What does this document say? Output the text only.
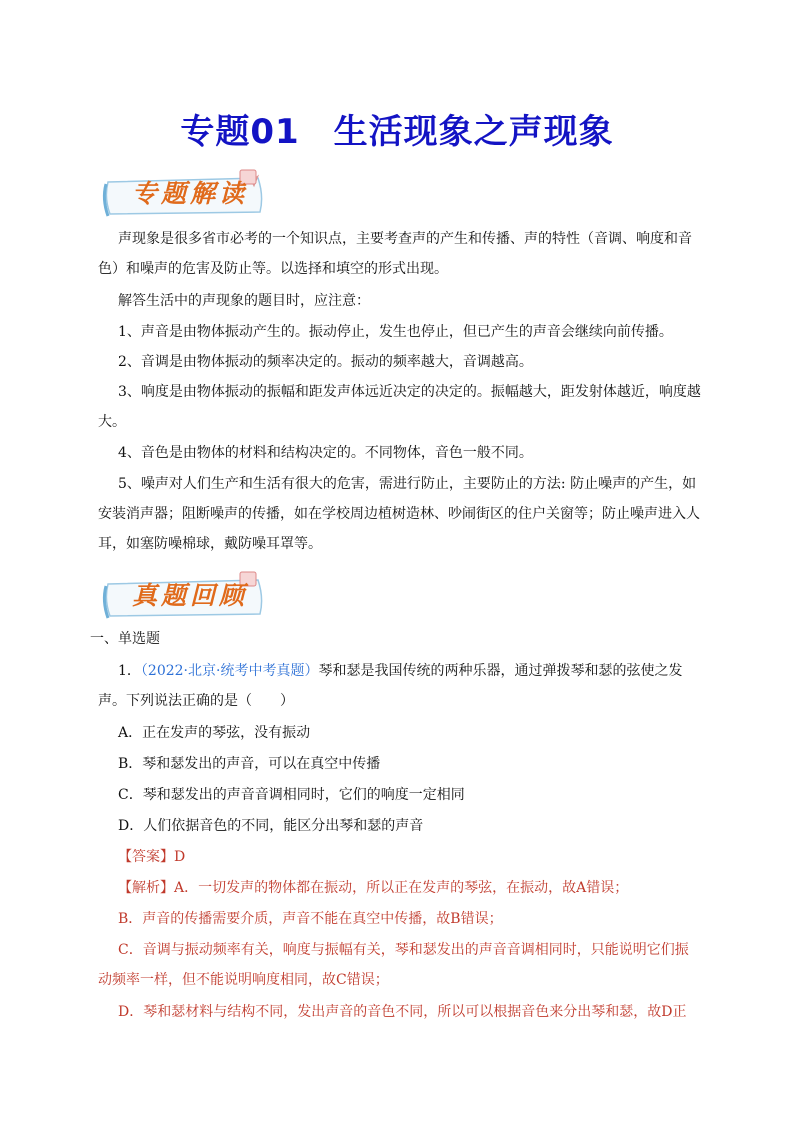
专题01 生活现象之声现象
专题解读

声现象是很多省市必考的一个知识点，主要考查声的产生和传播、声的特性（音调、响度和音色）和噪声的危害及防止等。以选择和填空的形式出现。

解答生活中的声现象的题目时，应注意：

1、声音是由物体振动产生的。振动停止，发生也停止，但已产生的声音会继续向前传播。

2、音调是由物体振动的频率决定的。振动的频率越大，音调越高。

3、响度是由物体振动的振幅和距发声体远近决定的决定的。振幅越大，距发射体越近，响度越大。

4、音色是由物体的材料和结构决定的。不同物体，音色一般不同。

5、噪声对人们生产和生活有很大的危害，需进行防止，主要防止的方法: 防止噪声的产生，如安装消声器；阻断噪声的传播，如在学校周边植树造林、吵闹街区的住户关窗等；防止噪声进入人耳，如塞防噪棉球，戴防噪耳罩等。

真题回顾

一、单选题

1．（2022·北京·统考中考真题）琴和瑟是我国传统的两种乐器，通过弹拨琴和瑟的弦使之发声。下列说法正确的是（　　）

A．正在发声的琴弦，没有振动
B．琴和瑟发出的声音，可以在真空中传播
C．琴和瑟发出的声音音调相同时，它们的响度一定相同
D．人们依据音色的不同，能区分出琴和瑟的声音
【答案】D

【解析】A．一切发声的物体都在振动，所以正在发声的琴弦，在振动，故A错误；

B．声音的传播需要介质，声音不能在真空中传播，故B错误；

C．音调与振动频率有关，响度与振幅有关，琴和瑟发出的声音音调相同时，只能说明它们振动频率一样，但不能说明响度相同，故C错误；

D．琴和瑟材料与结构不同，发出声音的音色不同，所以可以根据音色来分出琴和瑟，故D正
